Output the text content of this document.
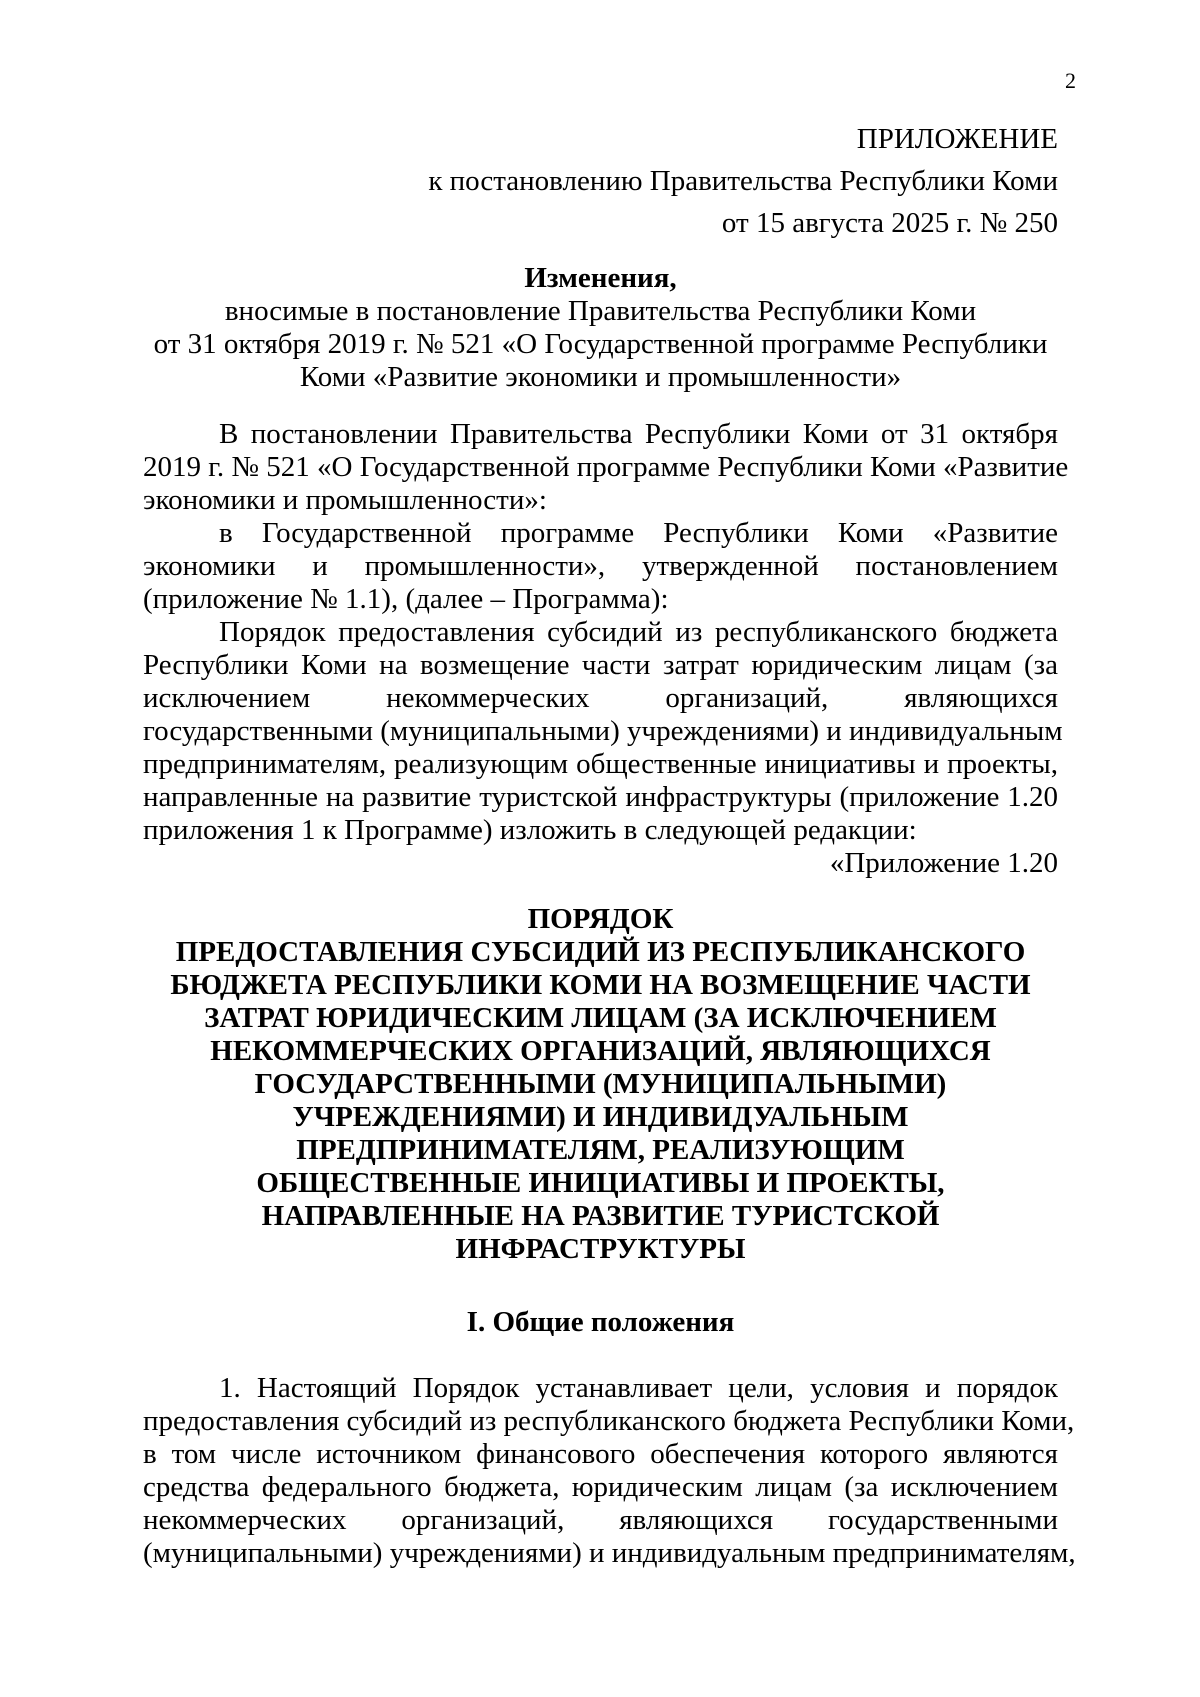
2
ПРИЛОЖЕНИЕ
к постановлению Правительства Республики Коми
от 15 августа 2025 г. № 250
Изменения,
вносимые в постановление Правительства Республики Коми
от 31 октября 2019 г. № 521 «О Государственной программе Республики
Коми «Развитие экономики и промышленности»
В постановлении Правительства Республики Коми от 31 октября
2019 г. № 521 «О Государственной программе Республики Коми «Развитие
экономики и промышленности»:
в Государственной программе Республики Коми «Развитие
экономики и промышленности», утвержденной постановлением
(приложение № 1.1), (далее – Программа):
Порядок предоставления субсидий из республиканского бюджета
Республики Коми на возмещение части затрат юридическим лицам (за
исключением некоммерческих организаций, являющихся
государственными (муниципальными) учреждениями) и индивидуальным
предпринимателям, реализующим общественные инициативы и проекты,
направленные на развитие туристской инфраструктуры (приложение 1.20
приложения 1 к Программе) изложить в следующей редакции:
«Приложение 1.20
ПОРЯДОК
ПРЕДОСТАВЛЕНИЯ СУБСИДИЙ ИЗ РЕСПУБЛИКАНСКОГО
БЮДЖЕТА РЕСПУБЛИКИ КОМИ НА ВОЗМЕЩЕНИЕ ЧАСТИ
ЗАТРАТ ЮРИДИЧЕСКИМ ЛИЦАМ (ЗА ИСКЛЮЧЕНИЕМ
НЕКОММЕРЧЕСКИХ ОРГАНИЗАЦИЙ, ЯВЛЯЮЩИХСЯ
ГОСУДАРСТВЕННЫМИ (МУНИЦИПАЛЬНЫМИ)
УЧРЕЖДЕНИЯМИ) И ИНДИВИДУАЛЬНЫМ
ПРЕДПРИНИМАТЕЛЯМ, РЕАЛИЗУЮЩИМ
ОБЩЕСТВЕННЫЕ ИНИЦИАТИВЫ И ПРОЕКТЫ,
НАПРАВЛЕННЫЕ НА РАЗВИТИЕ ТУРИСТСКОЙ
ИНФРАСТРУКТУРЫ
I. Общие положения
1. Настоящий Порядок устанавливает цели, условия и порядок
предоставления субсидий из республиканского бюджета Республики Коми,
в том числе источником финансового обеспечения которого являются
средства федерального бюджета, юридическим лицам (за исключением
некоммерческих организаций, являющихся государственными
(муниципальными) учреждениями) и индивидуальным предпринимателям,
